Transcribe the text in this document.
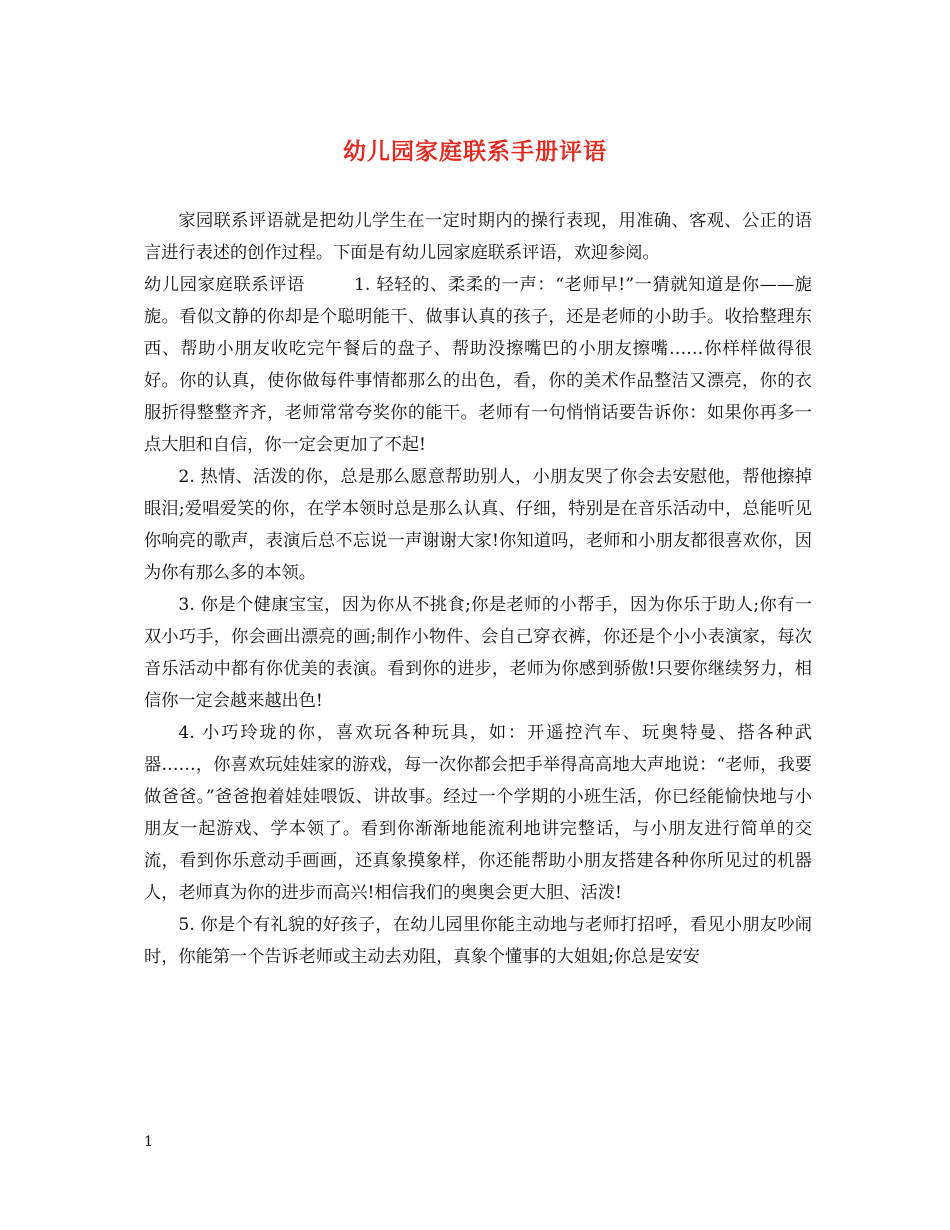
幼儿园家庭联系手册评语

家园联系评语就是把幼儿学生在一定时期内的操行表现，用准确、客观、公正的语言进行表述的创作过程。下面是有幼儿园家庭联系评语，欢迎参阅。

幼儿园家庭联系评语	1. 轻轻的、柔柔的一声：“老师早!”一猜就知道是你——旎旎。看似文静的你却是个聪明能干、做事认真的孩子，还是老师的小助手。收拾整理东西、帮助小朋友收吃完午餐后的盘子、帮助没擦嘴巴的小朋友擦嘴……你样样做得很好。你的认真，使你做每件事情都那么的出色，看，你的美术作品整洁又漂亮，你的衣服折得整整齐齐，老师常常夸奖你的能干。老师有一句悄悄话要告诉你：如果你再多一点大胆和自信，你一定会更加了不起!

2. 热情、活泼的你，总是那么愿意帮助别人，小朋友哭了你会去安慰他，帮他擦掉眼泪;爱唱爱笑的你，在学本领时总是那么认真、仔细，特别是在音乐活动中，总能听见你响亮的歌声，表演后总不忘说一声谢谢大家!你知道吗，老师和小朋友都很喜欢你，因为你有那么多的本领。

3. 你是个健康宝宝，因为你从不挑食;你是老师的小帮手，因为你乐于助人;你有一双小巧手，你会画出漂亮的画;制作小物件、会自己穿衣裤，你还是个小小表演家，每次音乐活动中都有你优美的表演。看到你的进步，老师为你感到骄傲!只要你继续努力，相信你一定会越来越出色!

4. 小巧玲珑的你，喜欢玩各种玩具，如：开遥控汽车、玩奥特曼、搭各种武器……，你喜欢玩娃娃家的游戏，每一次你都会把手举得高高地大声地说：“老师，我要做爸爸。”爸爸抱着娃娃喂饭、讲故事。经过一个学期的小班生活，你已经能愉快地与小朋友一起游戏、学本领了。看到你渐渐地能流利地讲完整话，与小朋友进行简单的交流，看到你乐意动手画画，还真象摸象样，你还能帮助小朋友搭建各种你所见过的机器人，老师真为你的进步而高兴!相信我们的奥奥会更大胆、活泼!

5. 你是个有礼貌的好孩子，在幼儿园里你能主动地与老师打招呼，看见小朋友吵闹时，你能第一个告诉老师或主动去劝阻，真象个懂事的大姐姐;你总是安安

1
